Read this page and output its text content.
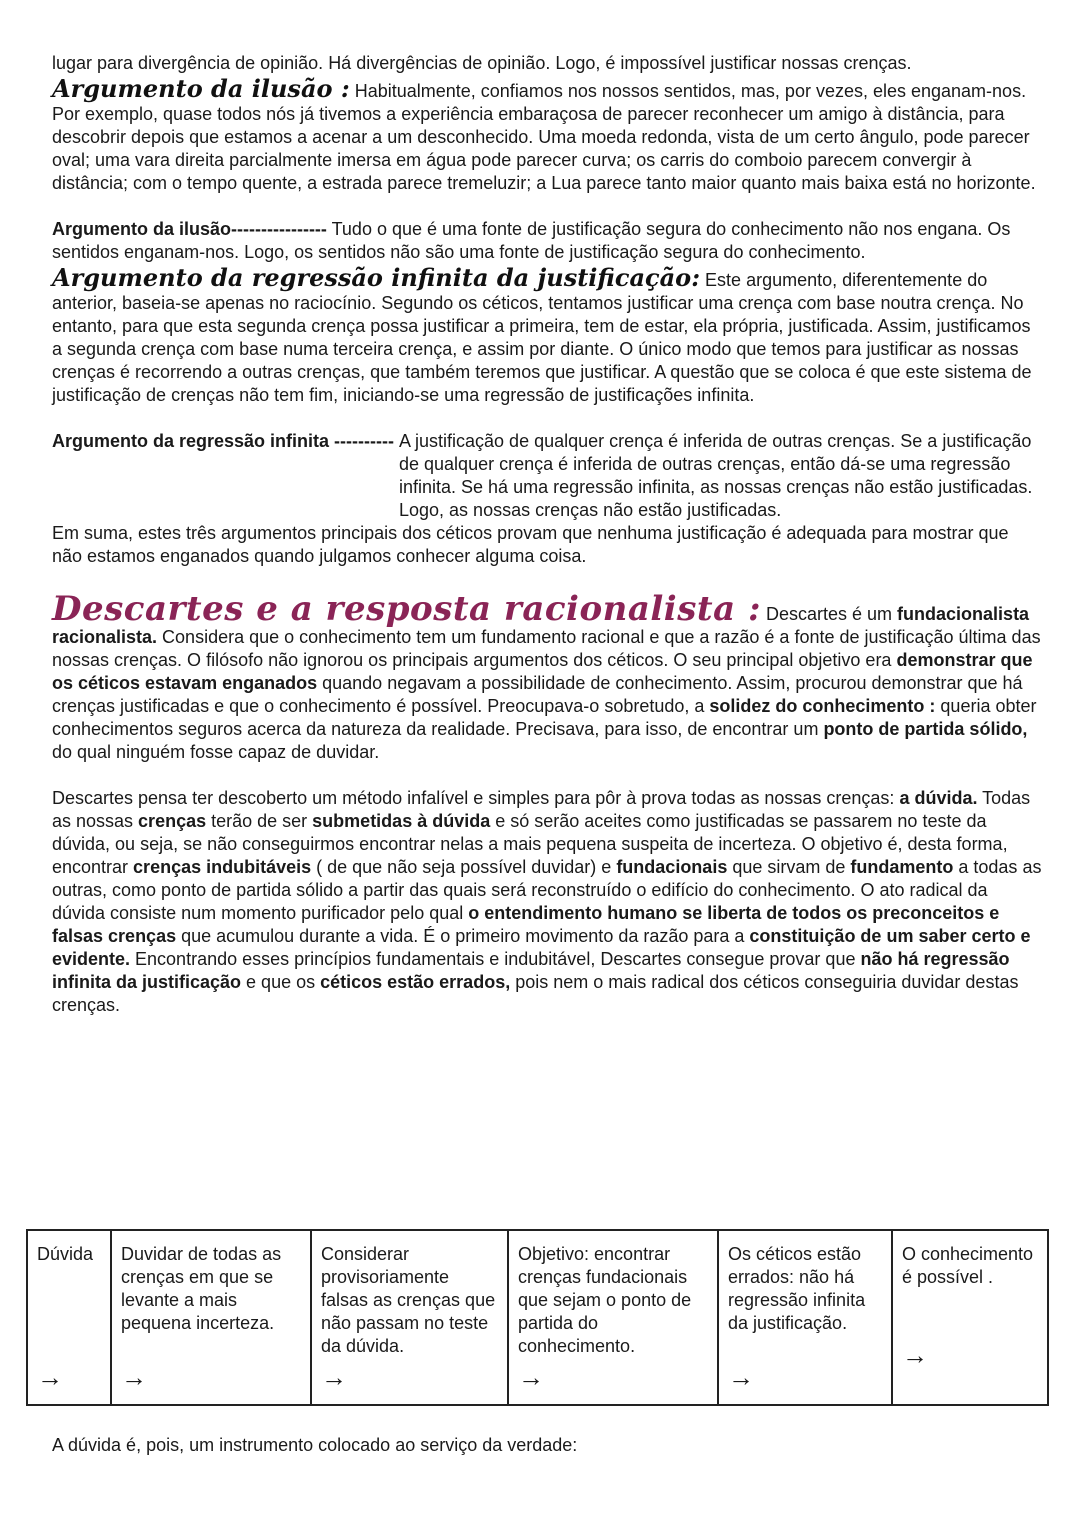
lugar para divergência de opinião. Há divergências de opinião. Logo, é impossível justificar nossas crenças.

Argumento da ilusão : Habitualmente, confiamos nos nossos sentidos, mas, por vezes, eles enganam-nos. Por exemplo, quase todos nós já tivemos a experiência embaraçosa de parecer reconhecer um amigo à distância, para descobrir depois que estamos a acenar a um desconhecido. Uma moeda redonda, vista de um certo ângulo, pode parecer oval; uma vara direita parcialmente imersa em água pode parecer curva; os carris do comboio parecem convergir à distância; com o tempo quente, a estrada parece tremeluzir; a Lua parece tanto maior quanto mais baixa está no horizonte.

Argumento da ilusão---------------- Tudo o que é uma fonte de justificação segura do conhecimento não nos engana. Os sentidos enganam-nos. Logo, os sentidos não são uma fonte de justificação segura do conhecimento.

Argumento da regressão infinita da justificação: Este argumento, diferentemente do anterior, baseia-se apenas no raciocínio. Segundo os céticos, tentamos justificar uma crença com base noutra crença. No entanto, para que esta segunda crença possa justificar a primeira, tem de estar, ela própria, justificada. Assim, justificamos a segunda crença com base numa terceira crença, e assim por diante. O único modo que temos para justificar as nossas crenças é recorrendo a outras crenças, que também teremos que justificar. A questão que se coloca é que este sistema de justificação de crenças não tem fim, iniciando-se uma regressão de justificações infinita.

Argumento da regressão infinita ---------- A justificação de qualquer crença é inferida de outras crenças. Se a justificação de qualquer crença é inferida de outras crenças, então dá-se uma regressão infinita. Se há uma regressão infinita, as nossas crenças não estão justificadas. Logo, as nossas crenças não estão justificadas.

Em suma, estes três argumentos principais dos céticos provam que nenhuma justificação é adequada para mostrar que não estamos enganados quando julgamos conhecer alguma coisa.

Descartes e a resposta racionalista : Descartes é um fundacionalista racionalista. Considera que o conhecimento tem um fundamento racional e que a razão é a fonte de justificação última das nossas crenças. O filósofo não ignorou os principais argumentos dos céticos. O seu principal objetivo era demonstrar que os céticos estavam enganados quando negavam a possibilidade de conhecimento. Assim, procurou demonstrar que há crenças justificadas e que o conhecimento é possível. Preocupava-o sobretudo, a solidez do conhecimento : queria obter conhecimentos seguros acerca da natureza da realidade. Precisava, para isso, de encontrar um ponto de partida sólido, do qual ninguém fosse capaz de duvidar.

Descartes pensa ter descoberto um método infalível e simples para pôr à prova todas as nossas crenças: a dúvida. Todas as nossas crenças terão de ser submetidas à dúvida e só serão aceites como justificadas se passarem no teste da dúvida, ou seja, se não conseguirmos encontrar nelas a mais pequena suspeita de incerteza. O objetivo é, desta forma, encontrar crenças indubitáveis ( de que não seja possível duvidar) e fundacionais que sirvam de fundamento a todas as outras, como ponto de partida sólido a partir das quais será reconstruído o edifício do conhecimento. O ato radical da dúvida consiste num momento purificador pelo qual o entendimento humano se liberta de todos os preconceitos e falsas crenças que acumulou durante a vida. É o primeiro movimento da razão para a constituição de um saber certo e evidente. Encontrando esses princípios fundamentais e indubitável, Descartes consegue provar que não há regressão infinita da justificação e que os céticos estão errados, pois nem o mais radical dos céticos conseguiria duvidar destas crenças.

Dúvida
→
	Duvidar de todas as crenças em que se levante a mais pequena incerteza.
→
	Considerar provisoriamente falsas as crenças que não passam no teste da dúvida.
→
	Objetivo: encontrar crenças fundacionais que sejam o ponto de partida do conhecimento.
→
	Os céticos estão errados: não há regressão infinita da justificação.
→
	O conhecimento é possível .
→

A dúvida é, pois, um instrumento colocado ao serviço da verdade:
